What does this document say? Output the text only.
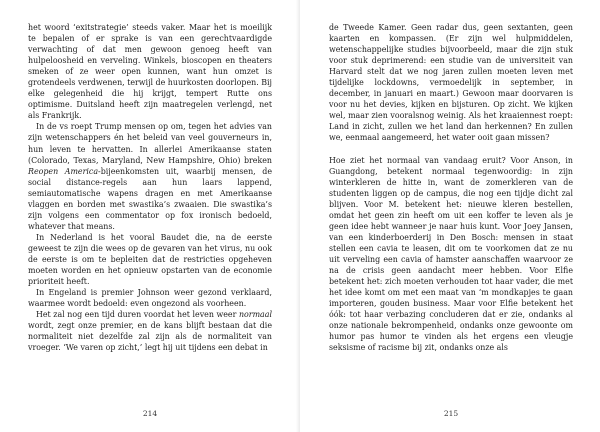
het woord ‘exitstrategie’ steeds vaker. Maar het is moeilijk te bepalen of er sprake is van een gerechtvaardigde verwachting of dat men gewoon genoeg heeft van hulpeloosheid en verveling. Winkels, bioscopen en theaters smeken of ze weer open kunnen, want hun omzet is grotendeels verdwenen, terwijl de huurkosten doorlopen. Bij elke gelegenheid die hij krijgt, tempert Rutte ons optimisme. Duitsland heeft zijn maatregelen verlengd, net als Frankrijk.

In de vs roept Trump mensen op om, tegen het advies van zijn wetenschappers én het beleid van veel gouverneurs in, hun leven te hervatten. In allerlei Amerikaanse staten (Colorado, Texas, Maryland, New Hampshire, Ohio) breken Reopen America-bijeenkomsten uit, waarbij mensen, de social distance-regels aan hun laars lappend, semiautomatische wapens dragen en met Amerikaanse vlaggen en borden met swastika’s zwaaien. Die swastika’s zijn volgens een commentator op fox ironisch bedoeld, whatever that means.

In Nederland is het vooral Baudet die, na de eerste geweest te zijn die wees op de gevaren van het virus, nu ook de eerste is om te bepleiten dat de restricties opgeheven moeten worden en het opnieuw opstarten van de economie prioriteit heeft.

In Engeland is premier Johnson weer gezond verklaard, waarmee wordt bedoeld: even ongezond als voorheen.

Het zal nog een tijd duren voordat het leven weer normaal wordt, zegt onze premier, en de kans blijft bestaan dat die normaliteit niet dezelfde zal zijn als de normaliteit van vroeger. ‘We varen op zicht,’ legt hij uit tijdens een debat in

214

de Tweede Kamer. Geen radar dus, geen sextanten, geen kaarten en kompassen. (Er zijn wel hulpmiddelen, wetenschappelijke studies bijvoorbeeld, maar die zijn stuk voor stuk deprimerend: een studie van de universiteit van Harvard stelt dat we nog jaren zullen moeten leven met tijdelijke lockdowns, vermoedelijk in september, in december, in januari en maart.) Gewoon maar doorvaren is voor nu het devies, kijken en bijsturen. Op zicht. We kijken wel, maar zien vooralsnog weinig. Als het kraaiennest roept: Land in zicht, zullen we het land dan herkennen? En zullen we, eenmaal aangemeerd, het water ooit gaan missen?

Hoe ziet het normaal van vandaag eruit? Voor Anson, in Guangdong, betekent normaal tegenwoordig: in zijn winterkleren de hitte in, want de zomerkleren van de studenten liggen op de campus, die nog een tijdje dicht zal blijven. Voor M. betekent het: nieuwe kleren bestellen, omdat het geen zin heeft om uit een koffer te leven als je geen idee hebt wanneer je naar huis kunt. Voor Joey Jansen, van een kinderboerderij in Den Bosch: mensen in staat stellen een cavia te leasen, dit om te voorkomen dat ze nu uit verveling een cavia of hamster aanschaffen waarvoor ze na de crisis geen aandacht meer hebben. Voor Elfie betekent het: zich moeten verhouden tot haar vader, die met het idee komt om met een maat van ‘m mondkapjes te gaan importeren, gouden business. Maar voor Elfie betekent het óók: tot haar verbazing concluderen dat er zie, ondanks al onze nationale bekrompenheid, ondanks onze gewoonte om humor pas humor te vinden als het ergens een vleugje seksisme of racisme bij zit, ondanks onze als

215
